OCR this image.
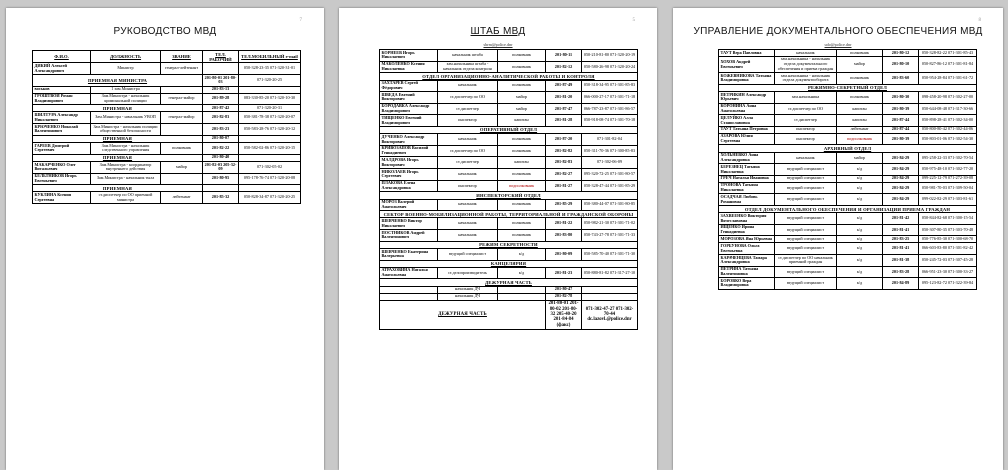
7
РУКОВОДСТВО МВД
Ф.И.О.	ДОЛЖНОСТЬ	ЗВАНИЕ	ТЕЛ. РАБОЧИЙ	ТЕЛ.МОБИЛЬНЫЙ e-mail
ДИКИЙ Алексей Александрович	Министр	генерал-лейтенант		050-328-23-35 071-320-31-01
ПРИЕМНАЯ МИНИСТРА			201-80-01 201-80-03	071-320-20-25
воськов	1 зам.Министра		201-83-13	
ГРОШТВОЙ Роман Владимирович	Зам.Министра - начальник криминальной полиции	генерал-майор	201-89-28	083-330-85-20 071-320-10-30
ПРИЕМНАЯ			201-87-42	071-320-20-31
ШИЛТУРА Александр Николаевич	Зам.Министра - начальник УВОП	генерал-майор	201-82-83	050-381-78-38 071-320-20-07
КРЮЧЕНКО Николай Валентинович	Зам.Министра - начальник полиции общественной безопасности		201-83-23	050-583-28-76 071-320-20-12
ПРИЕМНАЯ			201-80-07	
ГАРЕЕВ Дмитрий Сергеевич	Зам.Министра - начальник следственного управления	полковник	201-82-22	050-582-02-86 071-320-20-15
ПРИЕМНАЯ			201-80-40	
МАКАРЧЕНКО Олег Витальевич	Зам.Министра - координатор внутреннего действия	майор	201-82-03 205-32-09	071-302-05-02
БЕЛЬТНИКОВ Игорь Евгеньевич	Зам.Министра - начальник тыла		201-80-95	095-178-76-74 071-320-20-08
ПРИЕМНАЯ				
КУКЛИНА Ксения Сергеевна	ст.диспетчер по ОО приемной министра	лейтенант	201-85-32	050-828-34-87 071-320-20-25
5
ШТАБ МВД
sbrm@police.dnr
КОРНЕЕВ Игорь Николаевич	начальник штаба	полковник	201-80-11	050-210-81-80 071-320-20-19
МАКОЛЕНКО Ксения Николаевна	зам.начальника штаба - начальник отдела контроля	полковник	201-82-12	050-580-26-98 071-320-20-24
ОТДЕЛ ОРГАНИЗАЦИОННО-АНАЛИТИЧЕСКОЙ РАБОТЫ И КОНТРОЛЯ				
ЗАХТАРЕВ Сергей Фёдорович	начальник	полковник	201-87-49	050-318-34-95 071-301-85-83
ШВЕДА Евгений Викторович	ст.диспетчер по ОО	майор	201-81-20	066-000-27-17 071-301-71-18
БОРОДАВКА Александр Владимирович	ст.диспетчер	майор	201-87-47	066-787-23-87 071-301-86-57
ТИЩЕНКО Евгений Владимирович	инспектор	капитан	201-81-28	050-918-08-74 071-301-70-18
ОПЕРАТИВНЫЙ ОТДЕЛ				
ДУЧЕНКО Александр Викторович	начальник	полковник	201-87-20	071-301-82-04
КРИВОЗАПОВ Василий Геннадиевич	ст.диспетчер по ОО	полковник	201-82-82	050-311-70-36 071-300-85-83
МАЛДРОВА Игорь Викторович	ст.диспетчер	капитан	201-82-83	071-302-06-09
НИКОЛАЕВ Игорь Сергеевич	начальник	полковник	201-82-27	095-320-72-25 071-301-80-57
ПЛАКОВА Елена Александровна	инспектор	подполковник	201-81-27	050-328-47-44 071-301-85-29
ИНСПЕКТОРСКИЙ ОТДЕЛ				
МОРОЗ Валерий Анатольевич	начальник	полковник	201-85-29	050-380-44-07 071-301-80-85
СЕКТОР ВОЕННО-МОБИЛИЗАЦИОННОЙ РАБОТЫ, ТЕРРИТОРИАЛЬНОЙ И ГРАЖДАНСКОЙ ОБОРОНЫ				
ШЕВЧЕНКО Виктор Николаевич	начальник	полковник	201-81-22	050-982-21-30 071-301-71-02
ПОСТНИКОВ Андрей Валентинович	начальник	полковник	201-83-80	050-743-27-78 071-301-71-33
РЕЖИМ СЕКРЕТНОСТИ				
ШЕВЧЕНКО Екатерина Валерьевна	ведущий специалист	к/д	201-80-09	050-585-70-40 071-301-71-30
КАНЦЕЛЯРИЯ				
АТРАХОВИНА Наталья Анатольевна	ст.делопроизводитель	к/д	201-81-23	050-880-81-82 071-317-27-10
ДЕЖУРНАЯ ЧАСТЬ				
	начальник ДЧ		201-80-47	
	начальник ДЧ		201-82-78	
ДЕЖУРНАЯ ЧАСТЬ			201-80-01 201-80-02 201-80-32 205-40-20 201-84-84 (факс)	071-302-47-27 071-302-70-44 dc.lazovl.@police.dnr
8
УПРАВЛЕНИЕ ДОКУМЕНТАЛЬНОГО ОБЕСПЕЧЕНИЯ МВД
udo@police.dnr
ТАУТ Вера Павловна	начальник	полковник	201-80-12	050-328-82-22 071-301-85-43
ХОХОВ Андрей Евгеньевич	зам.начальника - начальник отдела документального обеспечения и приема граждан	майор	201-80-10	050-827-86-12 071-301-81-84
КОЖЕВНИКОВА Татьяна Владимировна	зам.начальника - начальник отдела документооборота	полковник	201-83-60	050-954-28-84 071-301-61-72
РЕЖИМНО-СЕКРЕТНЫЙ ОТДЕЛ				
ПЕТРИКИН Александр Юрьевич	зам.начальника	полковник	201-80-30	098-458-20-98 071-302-27-00
КОРОНИНА Анна Анатольевна	ст.диспетчер по ОО	капитан	201-80-39	050-644-08-48 071-317-30-66
ЦЕЛУЙКО Алла Станиславовна	ст.диспетчер	капитан	201-87-44	050-898-28-41 071-302-34-00
ТАУТ Татьяна Петровна	инспектор	лейтенант	201-87-44	050-800-80-42 071-302-44-06
АЗАРОВА Юлия Сергеевна	инспектор	подполковник	201-80-39	050-803-01-06 071-302-54-30
АРХИВНЫЙ ОТДЕЛ				
ХОЛЬНЕВКО Анна Александровна	начальник	майор	201-84-29	095-258-22-33 071-302-70-54
БЕРЕЗНЕЦ Татьяна Николаевна	ведущий специалист	к/д	201-84-29	050-975-48-10 071-302-77-20
ГРЕЧ Наталья Ивановна	ведущий специалист	к/д	201-84-29	099-225-12-79 071-272-39-08
ТРОНОВА Татьяна Николаевна	ведущий специалист	к/д	201-84-29	050-981-70-03 071-309-50-04
ОСАДЧАЯ Любовь Романовна	ведущий специалист	к/д	201-84-29	099-022-82-29 071-303-81-61
ОТДЕЛ ДОКУМЕНТАЛЬНОГО ОБЕСПЕЧЕНИЯ И ОРГАНИЗАЦИИ ПРИЕМА ГРАЖДАН				
ЗАХВЕЕНКО Виктория Вячеславовна	ведущий специалист	к/д	201-81-42	050-844-82-68 071-300-15-54
ИЩЕНКО Ирина Геннадиевна	ведущий специалист	к/д	201-81-41	050-307-80-35 071-303-70-48
МОРОЗОВА Яна Юрьевна	ведущий специалист	к/д	201-83-25	050-776-85-30 071-300-68-70
ГОРБУНОВА Ольга Евгеньевна	ведущий специалист	к/д	201-81-41	066-603-83-80 071-301-82-42
КАРАЧЕНЦЕВА Тамара Александровна	ст.диспетчер по ОО начальник приемной граждан	к/д	201-81-38	050-245-72-03 071-307-45-28
ПЕТРИНА Татьяна Валентиновна	ведущий специалист	к/д	201-83-28	066-951-23-30 071-300-33-27
БОРОВКО Вера Владимировна	ведущий специалист	к/д	201-84-89	095-123-82-72 071-322-39-84
